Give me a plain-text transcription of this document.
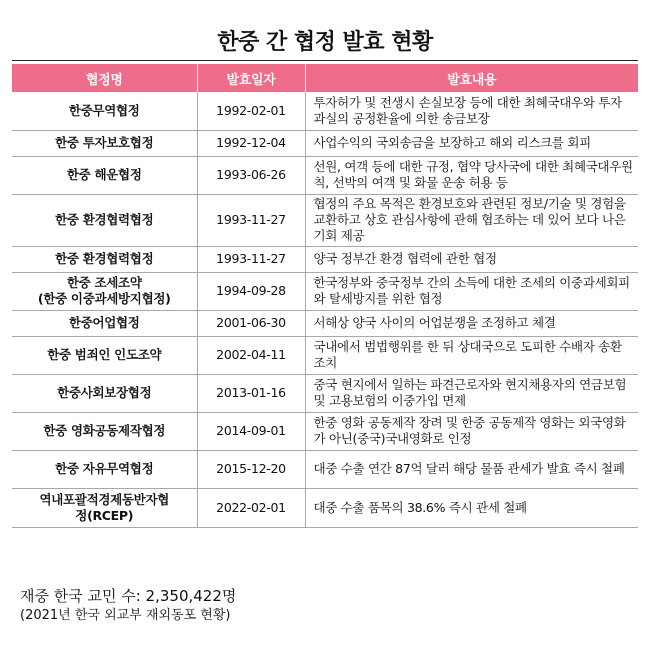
한중 간 협정 발효 현황
협정명	발효일자	발효내용
한중무역협정	1992-02-01	투자허가 및 전생시 손실보장 등에 대한 최혜국대우와 투자과실의 공정환율에 의한 송금보장
한중 투자보호협정	1992-12-04	사업수익의 국외송금을 보장하고 해외 리스크를 회피
한중 해운협정	1993-06-26	선원, 여객 등에 대한 규정, 협약 당사국에 대한 최혜국대우원칙, 선박의 여객 및 화물 운송 허용 등
한중 환경협력협정	1993-11-27	협정의 주요 목적은 환경보호와 관련된 정보/기술 및 경험을 교환하고 상호 관심사항에 관해 협조하는 데 있어 보다 나은 기회 제공
한중 환경협력협정	1993-11-27	양국 정부간 환경 협력에 관한 협정
한중 조세조약
(한중 이중과세방지협정)	1994-09-28	한국정부와 중국정부 간의 소득에 대한 조세의 이중과세회피와 탈세방지를 위한 협정
한중어업협정	2001-06-30	서해상 양국 사이의 어업분쟁을 조정하고 체결
한중 범죄인 인도조약	2002-04-11	국내에서 범법행위를 한 뒤 상대국으로 도피한 수배자 송환 조치
한중사회보장협정	2013-01-16	중국 현지에서 일하는 파견근로자와 현지채용자의 연금보험 및 고용보험의 이중가입 면제
한중 영화공동제작협정	2014-09-01	한중 영화 공동제작 장려 및 한중 공동제작 영화는 외국영화가 아닌(중국)국내영화로 인정
한중 자유무역협정	2015-12-20	대중 수출 연간 87억 달러 해당 물품 관세가 발효 즉시 철폐
역내포괄적경제동반자협
정(RCEP)	2022-02-01	대중 수출 품목의 38.6% 즉시 관세 철폐
재중 한국 교민 수: 2,350,422명
(2021년 한국 외교부 재외동포 현황)
